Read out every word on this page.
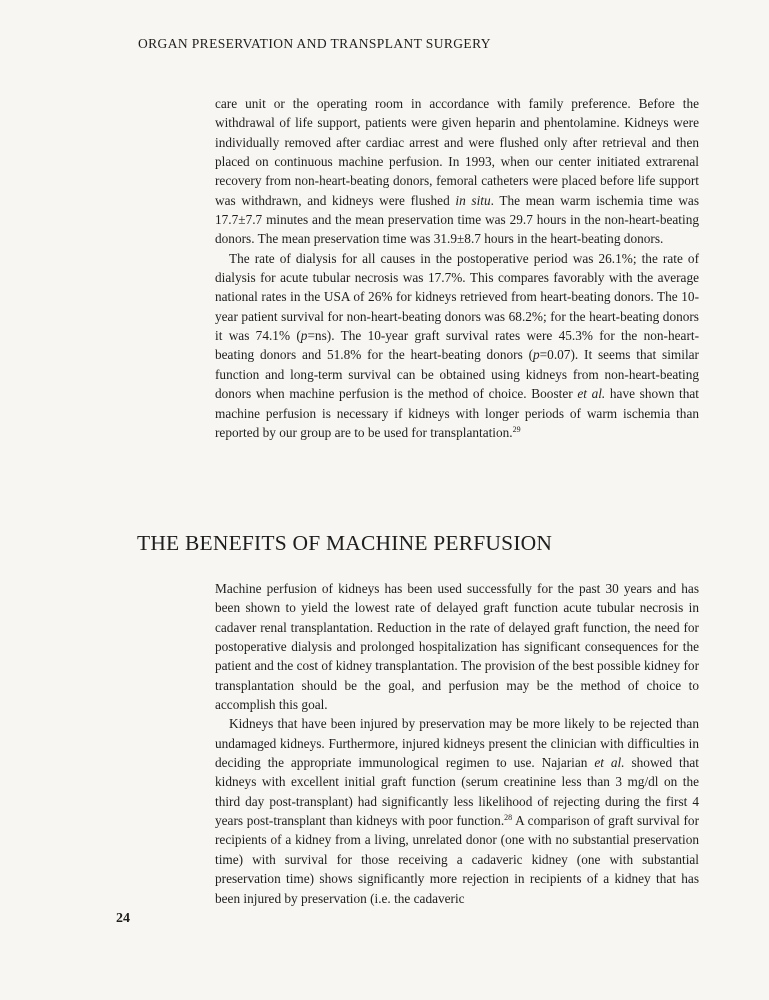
ORGAN PRESERVATION AND TRANSPLANT SURGERY

care unit or the operating room in accordance with family preference. Before the withdrawal of life support, patients were given heparin and phentolamine. Kidneys were individually removed after cardiac arrest and were flushed only after retrieval and then placed on continuous machine perfusion. In 1993, when our center initiated extrarenal recovery from non-heart-beating donors, femoral catheters were placed before life support was withdrawn, and kidneys were flushed in situ. The mean warm ischemia time was 17.7±7.7 minutes and the mean preservation time was 29.7 hours in the non-heart-beating donors. The mean preservation time was 31.9±8.7 hours in the heart-beating donors.

The rate of dialysis for all causes in the postoperative period was 26.1%; the rate of dialysis for acute tubular necrosis was 17.7%. This compares favorably with the average national rates in the USA of 26% for kidneys retrieved from heart-beating donors. The 10-year patient survival for non-heart-beating donors was 68.2%; for the heart-beating donors it was 74.1% (p=ns). The 10-year graft survival rates were 45.3% for the non-heart-beating donors and 51.8% for the heart-beating donors (p=0.07). It seems that similar function and long-term survival can be obtained using kidneys from non-heart-beating donors when machine perfusion is the method of choice. Booster et al. have shown that machine perfusion is necessary if kidneys with longer periods of warm ischemia than reported by our group are to be used for transplantation.$^{29}$

THE BENEFITS OF MACHINE PERFUSION

Machine perfusion of kidneys has been used successfully for the past 30 years and has been shown to yield the lowest rate of delayed graft function acute tubular necrosis in cadaver renal transplantation. Reduction in the rate of delayed graft function, the need for postoperative dialysis and prolonged hospitalization has significant consequences for the patient and the cost of kidney transplantation. The provision of the best possible kidney for transplantation should be the goal, and perfusion may be the method of choice to accomplish this goal.

Kidneys that have been injured by preservation may be more likely to be rejected than undamaged kidneys. Furthermore, injured kidneys present the clinician with difficulties in deciding the appropriate immunological regimen to use. Najarian et al. showed that kidneys with excellent initial graft function (serum creatinine less than 3 mg/dl on the third day post-transplant) had significantly less likelihood of rejecting during the first 4 years post-transplant than kidneys with poor function.$^{28}$ A comparison of graft survival for recipients of a kidney from a living, unrelated donor (one with no substantial preservation time) with survival for those receiving a cadaveric kidney (one with substantial preservation time) shows significantly more rejection in recipients of a kidney that has been injured by preservation (i.e. the cadaveric

24
